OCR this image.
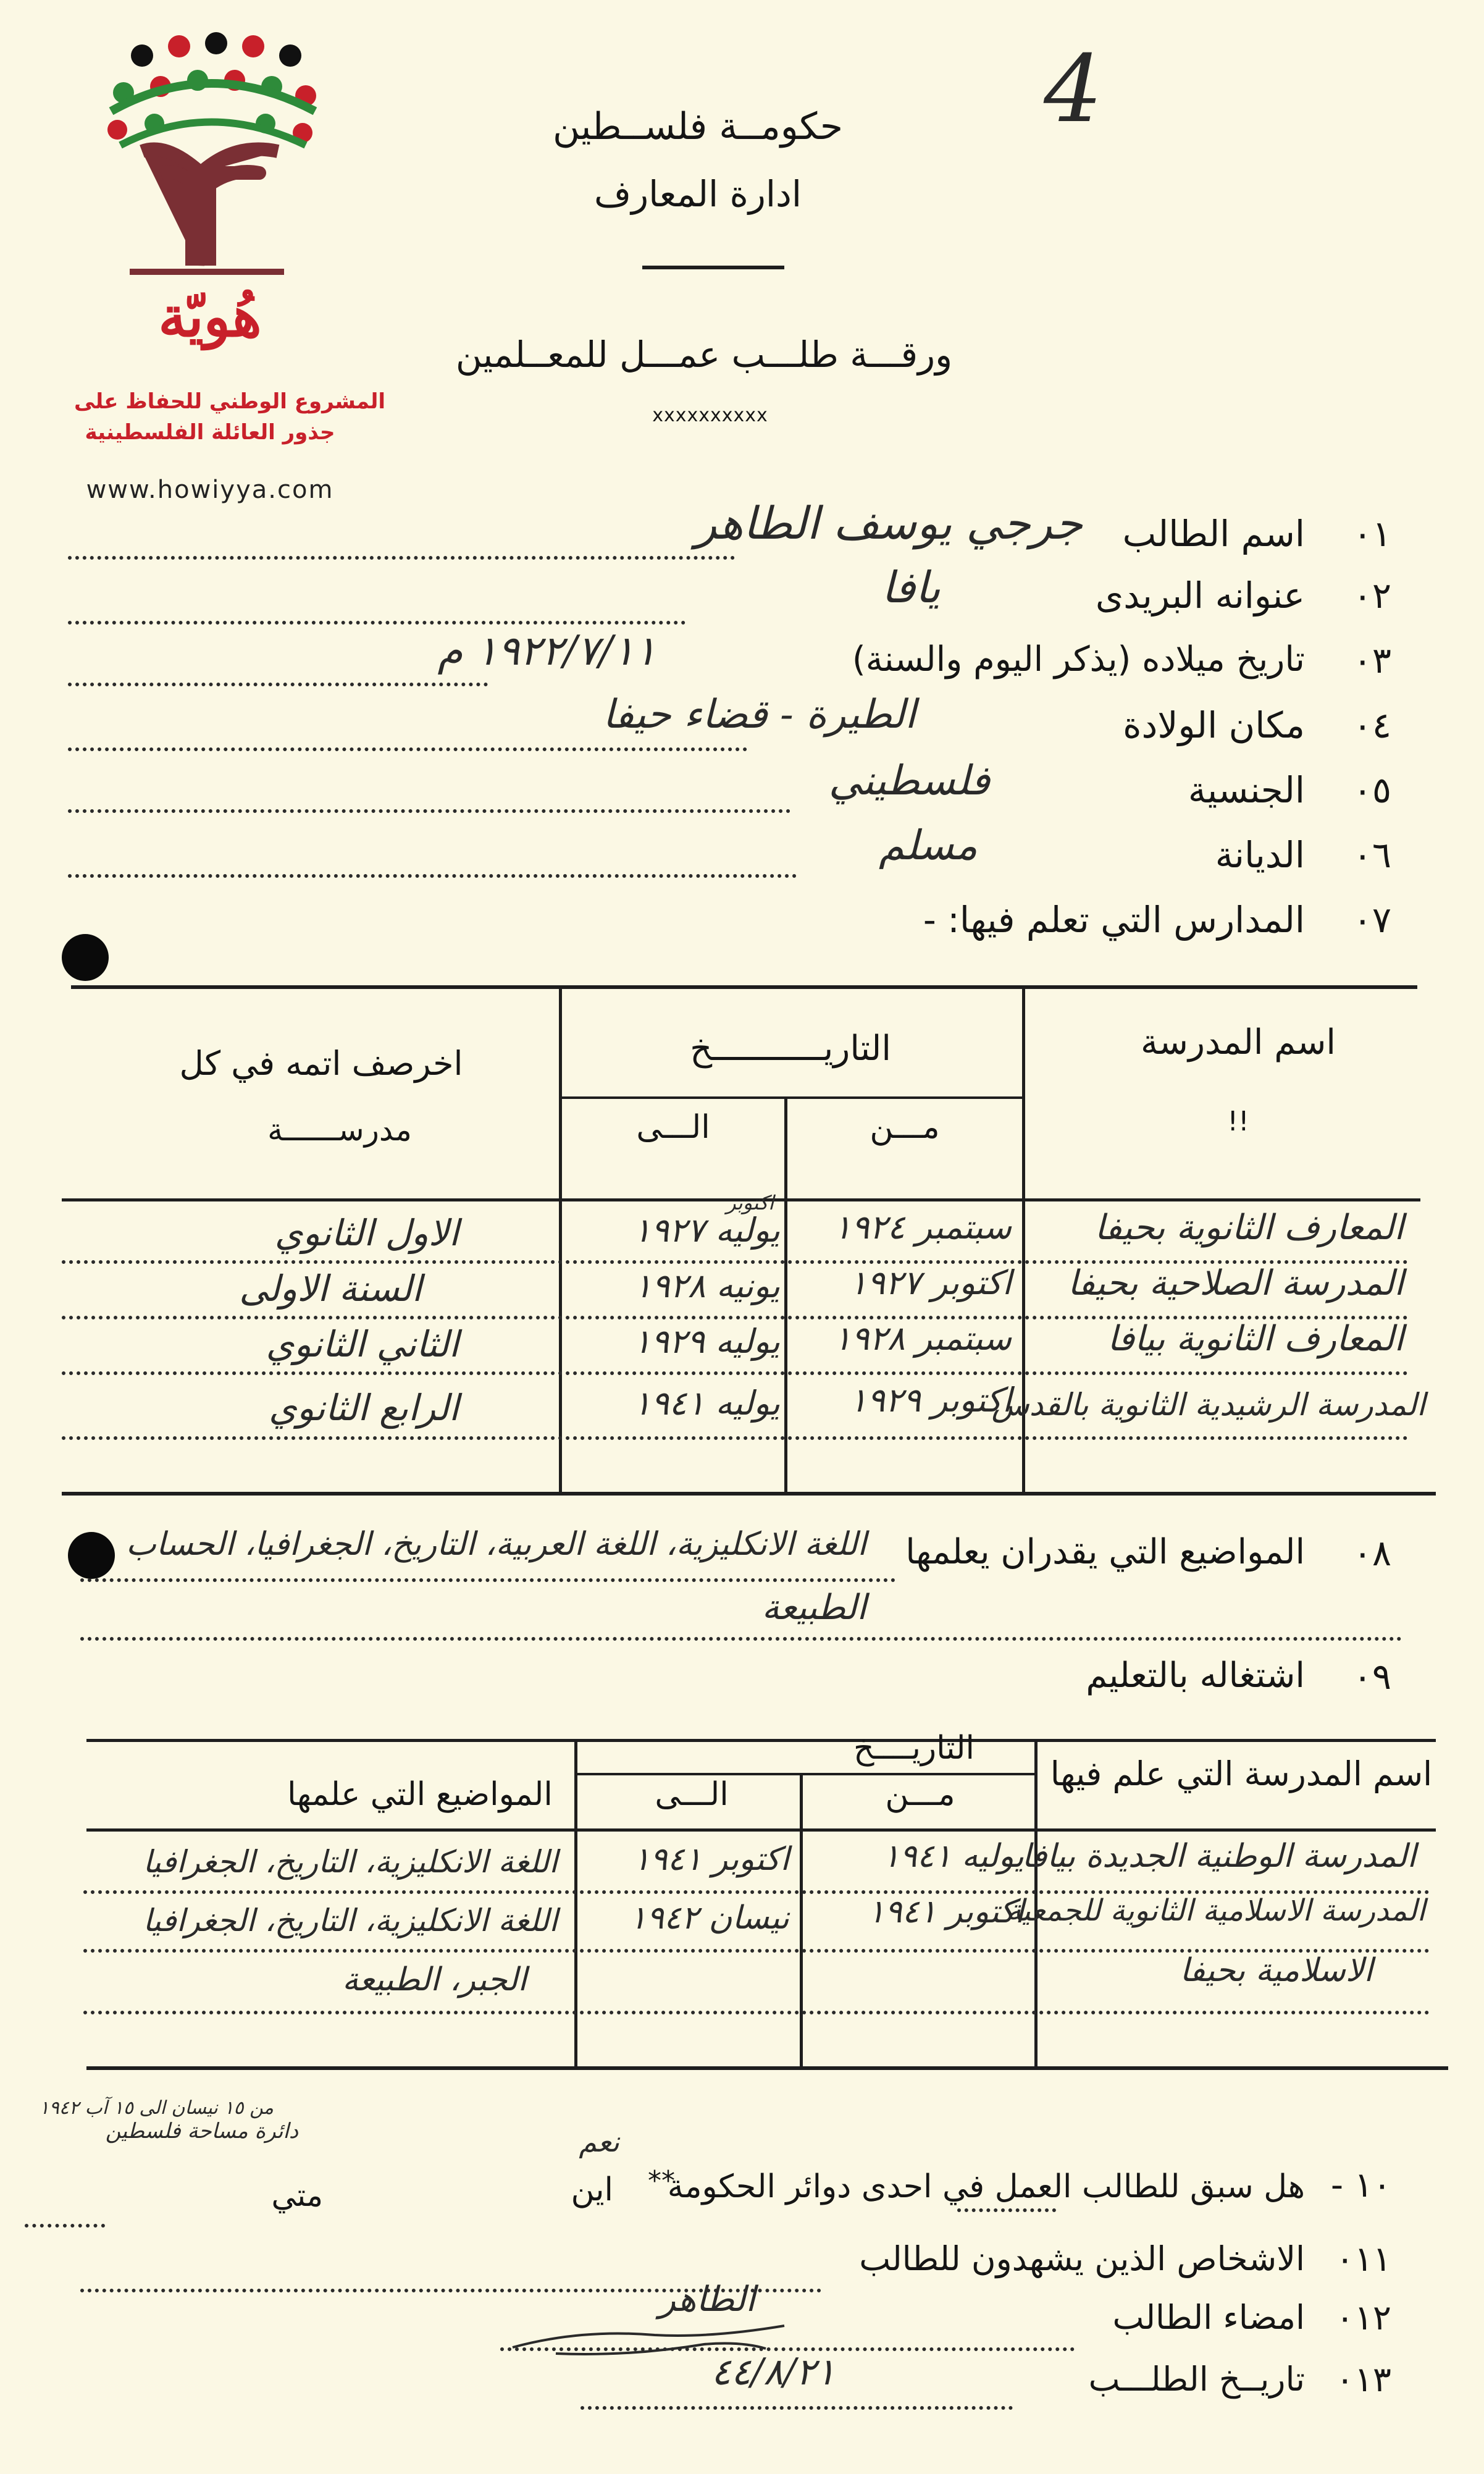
4
هُويّة
المشروع الوطني للحفاظ على
جذور العائلة الفلسطينية
www.howiyya.com
حكومــة فلســطين
ادارة المعارف
ورقـــة طلـــب عمـــل للمعــلمين
xxxxxxxxxx
٠١
اسم الطالب
جرجي يوسف الطاهر
٠٢
عنوانه البريدى
يافا
٠٣
تاريخ ميلاده (يذكر اليوم والسنة)
١٩٢٢/٧/١١ م
٠٤
مكان الولادة
الطيرة - قضاء حيفا
٠٥
الجنسية
فلسطيني
٠٦
الديانة
مسلم
٠٧
المدارس التي تعلم فيها: -
اسم المدرسة
!!
التاريـــــــــــخ
مـــن
الـــى
اخرصف اتمه في كل
مدرســــــة
المعارف الثانوية بحيفا
سبتمبر ١٩٢٤
يوليه ١٩٢٧
اكتوبر
الاول الثانوي
المدرسة الصلاحية بحيفا
اكتوبر ١٩٢٧
يونيه ١٩٢٨
السنة الاولى
المعارف الثانوية بيافا
سبتمبر ١٩٢٨
يوليه ١٩٢٩
الثاني الثانوي
المدرسة الرشيدية الثانوية بالقدس
اكتوبر ١٩٢٩
يوليه ١٩٤١
الرابع الثانوي
٠٨
المواضيع التي يقدران يعلمها
اللغة الانكليزية، اللغة العربية، التاريخ، الجغرافيا، الحساب
الطبيعة
٠٩
اشتغاله بالتعليم
التاريــــخ
مـــن
الـــى
اسم المدرسة التي علم فيها
المواضيع التي علمها
المدرسة الوطنية الجديدة بيافا
يوليه ١٩٤١
اكتوبر ١٩٤١
اللغة الانكليزية، التاريخ، الجغرافيا
المدرسة الاسلامية الثانوية للجمعية
اكتوبر ١٩٤١
نيسان ١٩٤٢
اللغة الانكليزية، التاريخ، الجغرافيا
الاسلامية بحيفا
الجبر، الطبيعة
١٠ -
هل سبق للطالب العمل في احدى دوائر الحكومة
**
نعم
اين
دائرة مساحة فلسطين
متي
من ١٥ نيسان الى ١٥ آب ١٩٤٢
٠١١
الاشخاص الذين يشهدون للطالب
٠١٢
امضاء الطالب
الطاهر
٠١٣
تاريــخ الطلـــب
٤٤/٨/٢١
